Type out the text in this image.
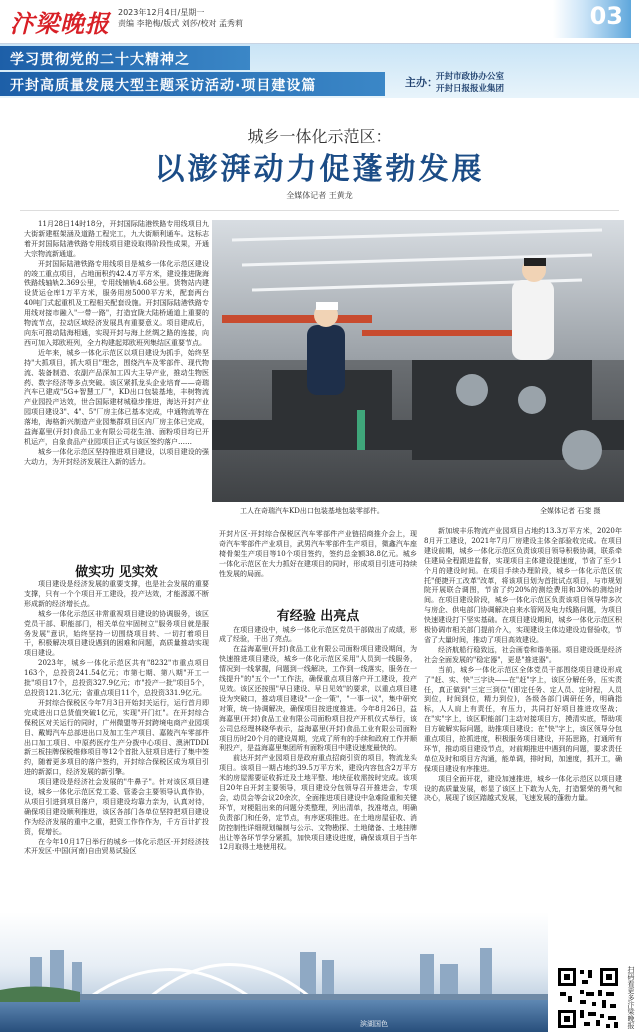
汴梁晚报 2023年12月4日/星期一
责编 李艳梅/版式 刘莎/校对 孟秀莉	03
学习贯彻党的二十大精神之
开封高质量发展大型主题采访活动·项目建设篇	主办：
开封市政协办公室
开封日报报业集团
城乡一体化示范区：
以澎湃动力促蓬勃发展
全媒体记者 王黄龙

11月28日14时18分，开封国际陆港铁路专用线项目九大街新建框架涵及道路工程完工，九大街顺利通车。这标志着开封国际陆港铁路专用线项目建设取得阶段性成果，开通大宗物流新通道。

开封国际陆港铁路专用线项目是城乡一体化示范区建设的竣工重点项目，占地面积约42.4万平方米，建设推进陇海铁路线轴轨2.369公里，专用线铺轨4.68公里。货物站内建设货运仓库1万平方米，服务用房5000平方米，配套两台40吨门式起重机及工程相关配套设施。开封国际陆港铁路专用线对接市融入"一带一路"，打造宜陇大陆桥通道上重要的物流节点，拉动区域经济发展具有重要意义。项目建成后，向东可推动陆海相通，实现开封与海上丝绸之路的连接，向西可加入郑欧班列，全力构建起郑欧班列集结区重要节点。

近年来，城乡一体化示范区以项目建设为抓手，始终坚持"大抓项目，抓大项目"理念，围绕汽车及零部件、现代物流、装备制造、农副产品深加工四大主导产业，推动生物医药、数字经济等多点突破。该区紧抓龙头企业培育——奇瑞汽车已建成"5G+智慧工厂"，KD出口包装基地，丰树物流产业园投产达效，世合国际建材城稳步推进，海达开封产业园项目建设3"、4"、5"厂房主体已基本完成，中通物流等在落地，海格新兴制造产业园集群项目区内厂房主体已完成，益海嘉里(开封)食品工业有限公司花生油、面粉项目均已开机运产，自象食品产业园项目正式与该区签约落户……

城乡一体化示范区坚持推进项目建设，以项目建设的强大动力，为开封经济发展注入新的活力。

工人在奇瑞汽车KD出口包装基地包装零部件。	全媒体记者 石斐 摄
做实功 见实效

项目建设是经济发展的重要支撑，也是社会发展的重要支撑，只有一个个项目开工建设，投产达效，才能源源不断形成新的经济增长点。

城乡一体化示范区非常重视项目建设的协调服务，该区党员干部、职能部门，相关单位牢固树立"服务项目就是服务发展"意识，始终坚持一切围绕项目转、一切打着项目干，积极解决项目建设遇到的困难和问题，高质量推动实现项目建设。

2023年，城乡一体化示范区共有"8232"市重点项目163个，总投资241.54亿元；市第七期、第八期"开工一批"项目17个，总投资327.9亿元；市"投产一批"项目5个，总投资121.3亿元；省重点项目11个，总投资331.9亿元。

开封综合保税区今年7月3日开始封关运行，运行首月即完成进出口总货值突破1亿元，实现"开门红"。在开封综合保税区对关运行的同时，广州微盟等开封跨境电商产业园项目、戴姆汽车总部进出口及加工生产项目、嘉陵汽车零部件出口加工项目、中原药医疗生产分拨中心项目、澳洲TDDI新三板挂牌保税维修项目等12个首批入驻项目进行了集中签约，随着更多项目的落户签约，开封综合保税区成为项目引进的新源口，经济发展的新引擎。

项目建设是经济社会发展的"牛鼻子"。针对该区项目建设，城乡一体化示范区党工委、管委会主要领导认真作协，从项目引进到项目落户，项目建设均靠力亲为，认真对待，确保项目建设顺利推进，该区各部门各单位坚持把项目建设作为经济发展的重中之重，把资工作作作为，千方百计扩投资，促增长。

在今年10月17日举行的城乡一体化示范区·开封经济技术开发区·中国(河南)自由贸易试验区

开封片区·开封综合保税区汽车零部件产业链招商推介会上，现奇汽车零部件产业项目，武男汽车零部件生产项目，微鑫汽车座椅骨架生产项目等10个项目签约，签约总金额38.8亿元。城乡一体化示范区在大力抓好在建项目的同时，形成项目引进可持续性发展的局面。

在项目建设中，城乡一体化示范区党员干部做出了成绩，形成了经验，干出了亮点。

在益海嘉里(开封)食品工业有限公司面粉项目建设期间，为快速推进项目建设，城乡一体化示范区采用"人员到一线服务，情况到一线掌握，问题到一线解决，工作到一线落实，服务在一线提升"的"五个一"工作法，确保重点项目落户开工建设，投产见效。该区还按照"早日建设、早日见效"的要求，以重点项目建设为突破口，推动项目建设"一企一策"，"一事一议"，集中研究对策，统一协调解决，确保项目按进度推进。今年8月26日，益海嘉里(开封)食品工业有限公司面粉项目投产开机仪式举行，该公司总经理林晓华表示，益海嘉里(开封)食品工业有限公司面粉项目历时20个月的建设周期，完成了所有的手续和政府工作并顺利投产，是益海嘉里集团所有面粉项目中建设速度最快的。

前达开封产业园项目是政府重点招商引资的项目，物流龙头项目。该项目一期占地约39.5万平方米，建设内容包含2万平方米的房屋需要证收拆迁及土地平整、地块征收需按时完成。该项目20年自开封主要领导，项目建设分包领导召开推进会，专项会，动员会等会议20余次，全面推进项目建设中急难险重和关键环节，对梗阻出来的问题分类整理，列出清单，找准堵点，明确负责部门和任务，定节点，有序逐项推进。在土地房屋征收、消防控制性详细规划编制与公示、文物勘探、土地储备、土地挂牌出让等各环节学分紧抓，加快项目建设进度，确保该项目于当年12月取得土地使用权。

有经验 出亮点

新加坡丰乐物流产业园项目占地约13.3万平方米，2020年8月开工建设，2021年7月厂房建设主体全部验收完成。在项目建设前期，城乡一体化示范区负责该项目领导积极协调，联系牵住建局全程跟进监督，实现项目主体建设提速度，节省了至少1个月的建设时间。在项目手续办理阶段，城乡一体化示范区依托"便捷开工改革"改革，将该项目划为首批试点项目，与市规划院开展联合调图，节省了约20%的测绘费用和30%的测绘时间。在项目建设阶段，城乡一体化示范区负责该项目领导带多次与房企、供电部门协调解决自来水管网及电力线路问题，为项目快速建设打下坚实基础。在项目建设期间，城乡一体化示范区积极协调市相关部门提前介入，实现建设主体边建设边督验收，节省了大量时间，推动了项目高效建设。

经济航船行稳致远，社会画卷和谐美丽。项目建设既是经济社会全面发展的"稳定器"，更是"推进器"。

当前，城乡一体化示范区全体党员干部围绕项目建设形成了"赶、实、快"三字诀——在"赶"字上，该区分解任务，压实责任，真正做到"三定三到位"(即定任务、定人员、定时程，人员到位，时间到位，精力到位)，各级各部门调研任务，明确指标，人人肩上有责任，有压力，共同打好项目推进攻坚战；在"实"字上，该区职能部门主动对接项目方，摸清实底，帮助项目方破解实际问题，助推项目建设；在"快"字上，该区领导分包重点项目，抢抓进度，积极服务项目建设，开拓思路，打通所有环节，推动项目建设节点，对前期推进中遇到的问题，要求责任单位及时和项目方沟通，能单调，排时间，加速度，抓开工，确保项目建设有序推进。

项目全面开花，建设加速推进，城乡一体化示范区以项目建设的高质量发展，彰显了该区上下敢为人先，打造繁荣的勇气和决心，展现了该区踏越式发展，飞速发展的蓬勃力量。

滨湖国色	扫码看更多汴梁晚报
